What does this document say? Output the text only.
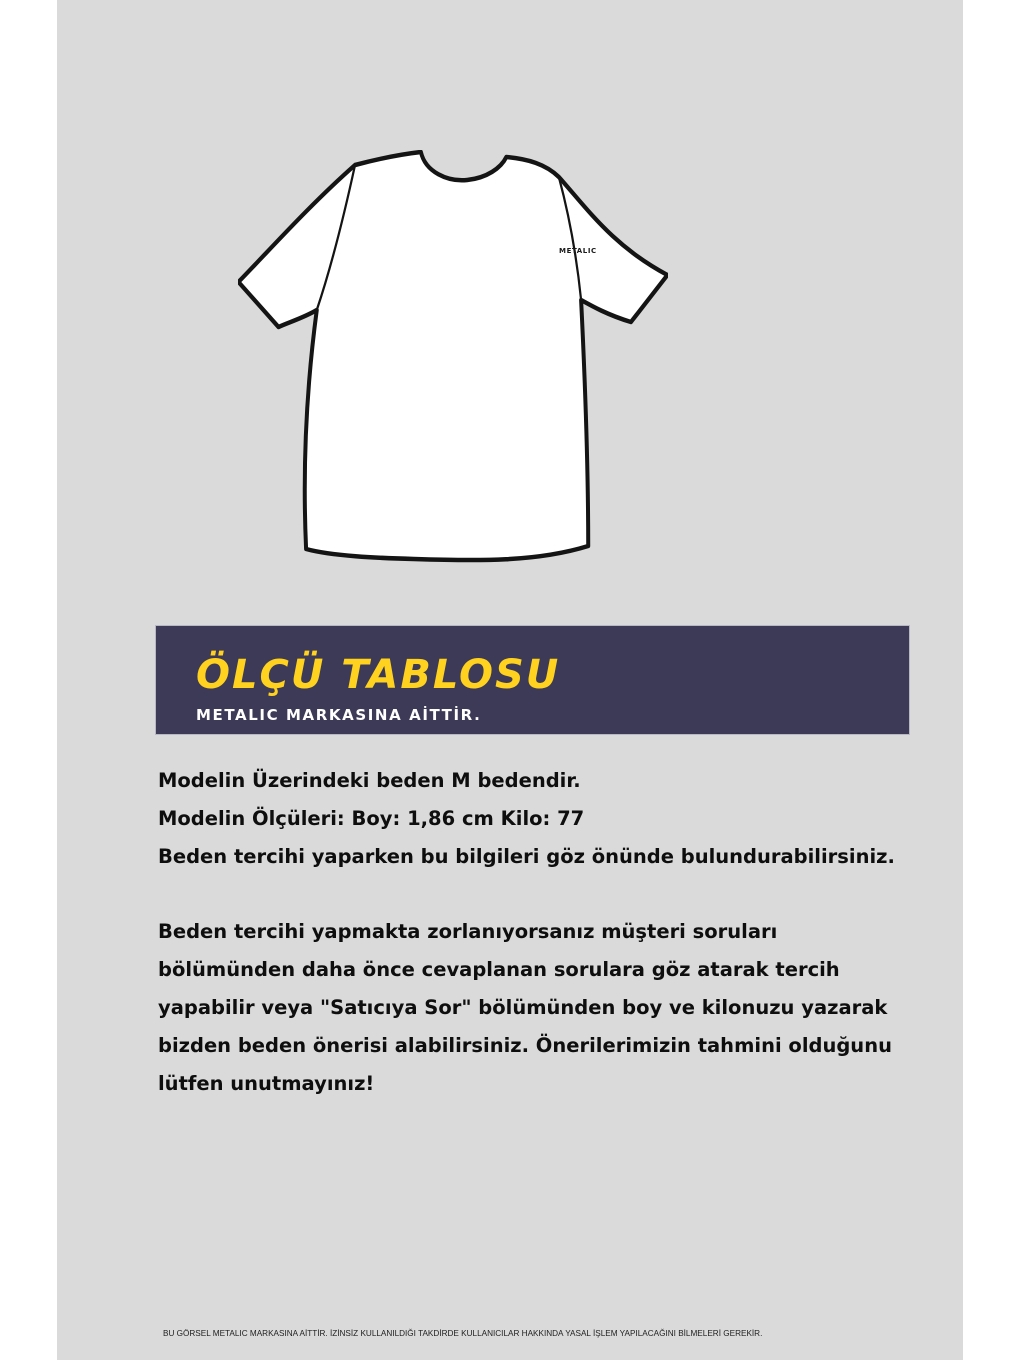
METALIC
ÖLÇÜ TABLOSU

METALIC MARKASINA AİTTİR.

Modelin Üzerindeki beden M bedendir.

Modelin Ölçüleri: Boy: 1,86 cm Kilo: 77

Beden tercihi yaparken bu bilgileri göz önünde bulundurabilirsiniz.

Beden tercihi yapmakta zorlanıyorsanız müşteri soruları

bölümünden daha önce cevaplanan sorulara göz atarak tercih

yapabilir veya "Satıcıya Sor" bölümünden boy ve kilonuzu yazarak

bizden beden önerisi alabilirsiniz. Önerilerimizin tahmini olduğunu

lütfen unutmayınız!

BU GÖRSEL METALIC MARKASINA AİTTİR. İZİNSİZ KULLANILDIĞI TAKDİRDE KULLANICILAR HAKKINDA YASAL İŞLEM YAPILACAĞINI BİLMELERİ GEREKİR.
